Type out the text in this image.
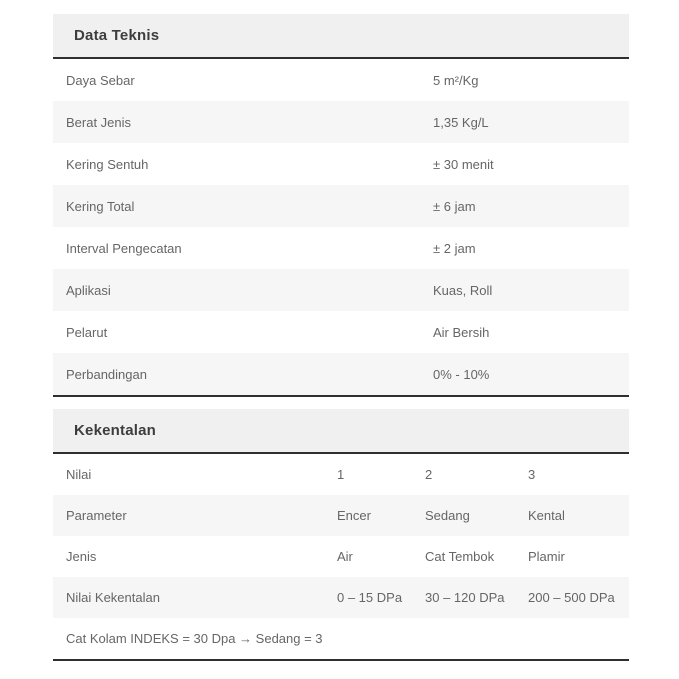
Data Teknis
Daya Sebar	5 m²/Kg
Berat Jenis	1,35 Kg/L
Kering Sentuh	± 30 menit
Kering Total	± 6 jam
Interval Pengecatan	± 2 jam
Aplikasi	Kuas, Roll
Pelarut	Air Bersih
Perbandingan	0% - 10%
Kekentalan
Nilai	1	2	3
Parameter	Encer	Sedang	Kental
Jenis	Air	Cat Tembok	Plamir
Nilai Kekentalan	0 – 15 DPa	30 – 120 DPa	200 – 500 DPa
Cat Kolam INDEKS = 30 Dpa → Sedang = 3
